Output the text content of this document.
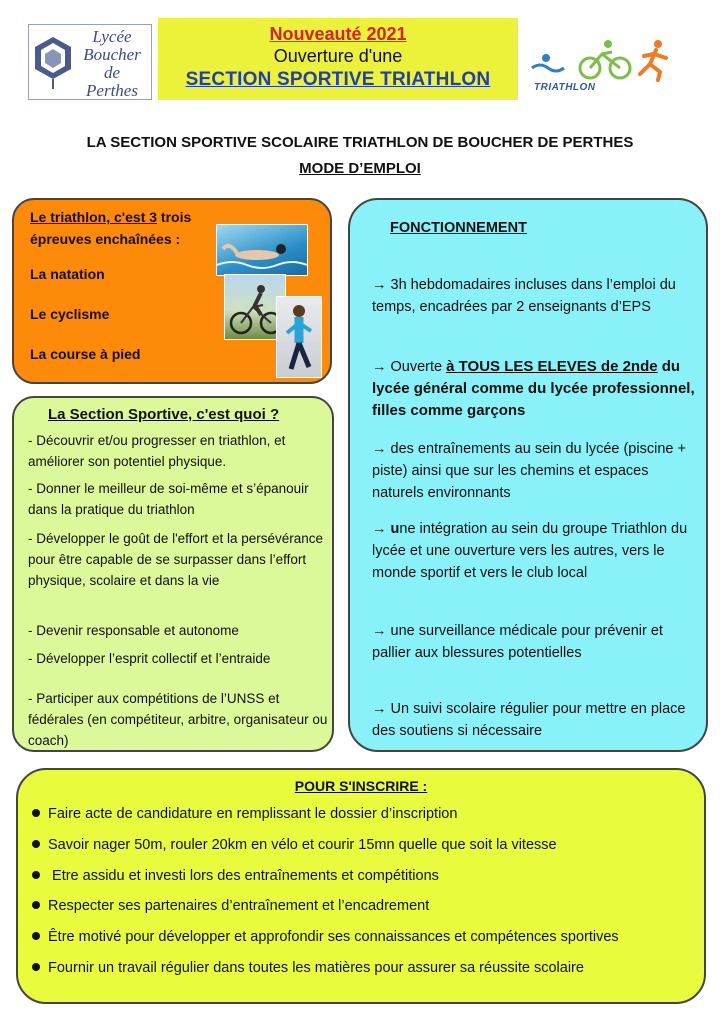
Lycée
Boucher
de
Perthes
Nouveauté 2021
Ouverture d'une
SECTION SPORTIVE TRIATHLON	TRIATHLON
LA SECTION SPORTIVE SCOLAIRE TRIATHLON DE BOUCHER DE PERTHES
MODE D’EMPLOI
Le triathlon, c'est 3 trois
épreuves enchaînées :
La natation
Le cyclisme
La course à pied
La Section Sportive, c'est quoi ?
- Découvrir et/ou progresser en triathlon, et améliorer son potentiel physique.
- Donner le meilleur de soi-même et s’épanouir dans la pratique du triathlon
- Développer le goût de l'effort et la persévérance pour être capable de se surpasser dans l’effort physique, scolaire et dans la vie
- Devenir responsable et autonome
- Développer l’esprit collectif et l’entraide
- Participer aux compétitions de l’UNSS et fédérales (en compétiteur, arbitre, organisateur ou coach)
FONCTIONNEMENT
→ 3h hebdomadaires incluses dans l’emploi du temps, encadrées par 2 enseignants d’EPS
→ Ouverte à TOUS LES ELEVES de 2nde du lycée général comme du lycée professionnel, filles comme garçons
→ des entraînements au sein du lycée (piscine + piste) ainsi que sur les chemins et espaces naturels environnants
→ une intégration au sein du groupe Triathlon du lycée et une ouverture vers les autres, vers le monde sportif et vers le club local
→ une surveillance médicale pour prévenir et pallier aux blessures potentielles
→ Un suivi scolaire régulier pour mettre en place des soutiens si nécessaire
POUR S'INSCRIRE :
Faire acte de candidature en remplissant le dossier d’inscription
Savoir nager 50m, rouler 20km en vélo et courir 15mn quelle que soit la vitesse
Etre assidu et investi lors des entraînements et compétitions
Respecter ses partenaires d’entraînement et l’encadrement
Être motivé pour développer et approfondir ses connaissances et compétences sportives
Fournir un travail régulier dans toutes les matières pour assurer sa réussite scolaire
